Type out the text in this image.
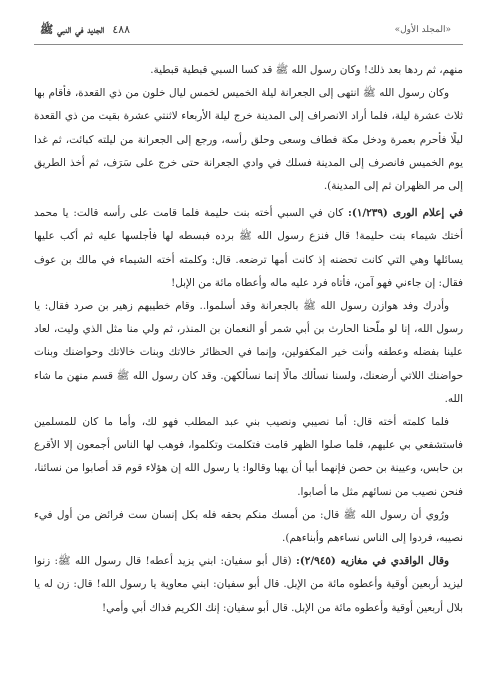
«المجلد الأول»
الجديد في النبي ﷺ ٤٨٨

منهم، ثم ردها بعد ذلك! وكان رسول الله ﷺ قد كسا السبي قبطية قبطية.

وكان رسول الله ﷺ انتهى إلى الجعرانة ليلة الخميس لخمس ليال خلون من ذي القعدة، فأقام بها ثلاث عشرة ليلة، فلما أراد الانصراف إلى المدينة خرج ليلة الأربعاء لاثنتي عشرة بقيت من ذي القعدة ليلًا فأحرم بعمرة ودخل مكة فطاف وسعى وحلق رأسه، ورجع إلى الجعرانة من ليلته كبائت، ثم غدا يوم الخميس فانصرف إلى المدينة فسلك في وادي الجعرانة حتى خرج على سَرَف، ثم أخذ الطريق إلى مر الظهران ثم إلى المدينة).

في إعلام الورى (١/٢٣٩): كان في السبي أخته بنت حليمة فلما قامت على رأسه قالت: يا محمد أختك شيماء بنت حليمة! قال فنزع رسول الله ﷺ برده فبسطه لها فأجلسها عليه ثم أكب عليها يسائلها وهي التي كانت تحضنه إذ كانت أمها ترضعه. قال: وكلمته أخته الشيماء في مالك بن عوف فقال: إن جاءني فهو آمن، فأتاه فرد عليه ماله وأعطاه مائة من الإبل!

وأدرك وفد هوازن رسول الله ﷺ بالجعرانة وقد أسلموا.. وقام خطيبهم زهير بن صرد فقال: يا رسول الله، إنا لو ملّحنا الحارث بن أبي شمر أو النعمان بن المنذر، ثم ولي منا مثل الذي وليت، لعاد علينا بفضله وعطفه وأنت خير المكفولين، وإنما في الحظائر خالاتك وبنات خالاتك وحواضنك وبنات حواضنك اللاتي أرضعنك، ولسنا نسألك مالًا إنما نسألكهن. وقد كان رسول الله ﷺ قسم منهن ما شاء الله.

فلما كلمته أخته قال: أما نصيبي ونصيب بني عبد المطلب فهو لك، وأما ما كان للمسلمين فاستشفعي بي عليهم، فلما صلوا الظهر قامت فتكلمت وتكلموا، فوهب لها الناس أجمعون إلا الأقرع بن حابس، وعيينة بن حصن فإنهما أبيا أن يهبا وقالوا: يا رسول الله إن هؤلاء قوم قد أصابوا من نسائنا، فنحن نصيب من نسائهم مثل ما أصابوا.

ورُوي أن رسول الله ﷺ قال: من أمسك منكم بحقه فله بكل إنسان ست فرائض من أول فيء نصيبه، فردوا إلى الناس نساءهم وأبناءهم).

وقال الواقدي في مغازيه (٢/٩٤٥): (قال أبو سفيان: ابني يزيد أعطه! قال رسول الله ﷺ: زنوا ليزيد أربعين أوقية وأعطوه مائة من الإبل. قال أبو سفيان: ابني معاوية يا رسول الله! قال: زن له يا بلال أربعين أوقية وأعطوه مائة من الإبل. قال أبو سفيان: إنك الكريم فداك أبي وأمي!
